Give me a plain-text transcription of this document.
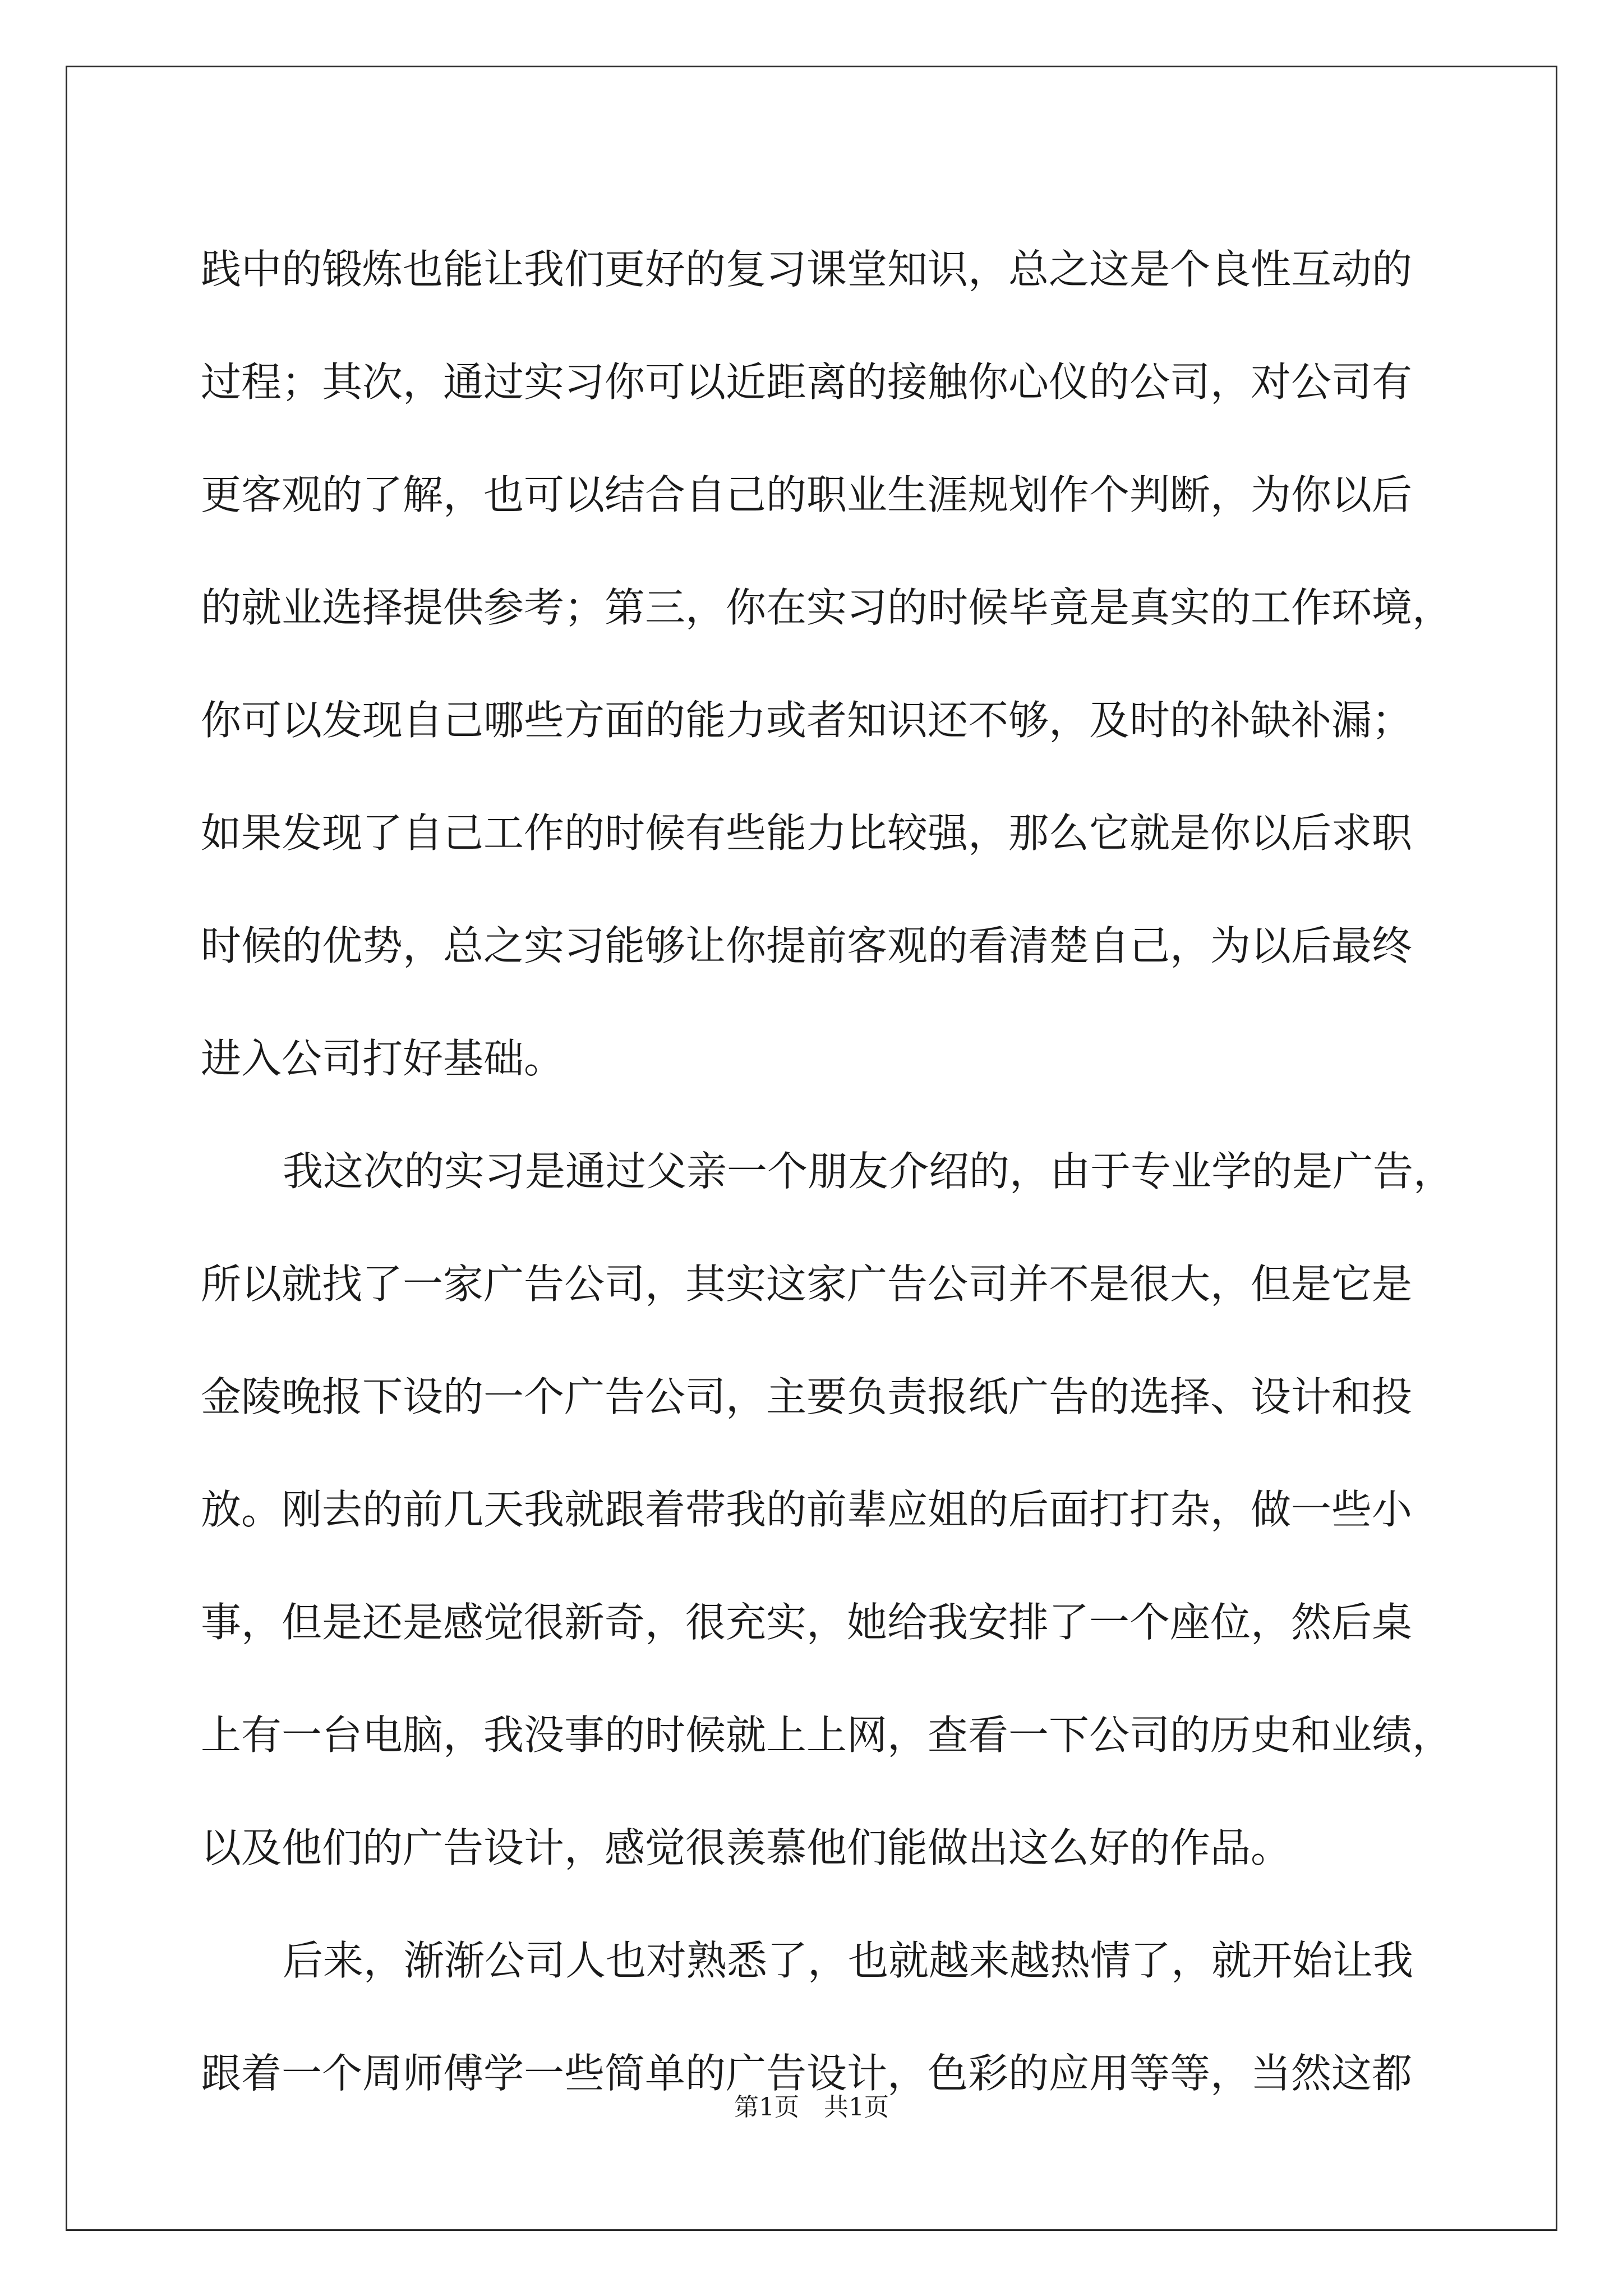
践中的锻炼也能让我们更好的复习课堂知识，总之这是个良性互动的
过程；其次，通过实习你可以近距离的接触你心仪的公司，对公司有
更客观的了解，也可以结合自己的职业生涯规划作个判断，为你以后
的就业选择提供参考；第三，你在实习的时候毕竟是真实的工作环境，
你可以发现自己哪些方面的能力或者知识还不够，及时的补缺补漏；
如果发现了自己工作的时候有些能力比较强，那么它就是你以后求职
时候的优势，总之实习能够让你提前客观的看清楚自己，为以后最终
进入公司打好基础。
我这次的实习是通过父亲一个朋友介绍的，由于专业学的是广告，
所以就找了一家广告公司，其实这家广告公司并不是很大，但是它是
金陵晚报下设的一个广告公司，主要负责报纸广告的选择、设计和投
放。刚去的前几天我就跟着带我的前辈应姐的后面打打杂，做一些小
事，但是还是感觉很新奇，很充实，她给我安排了一个座位，然后桌
上有一台电脑，我没事的时候就上上网，查看一下公司的历史和业绩，
以及他们的广告设计，感觉很羡慕他们能做出这么好的作品。
后来，渐渐公司人也对熟悉了，也就越来越热情了，就开始让我
跟着一个周师傅学一些简单的广告设计，色彩的应用等等，当然这都
第1页 共1页
